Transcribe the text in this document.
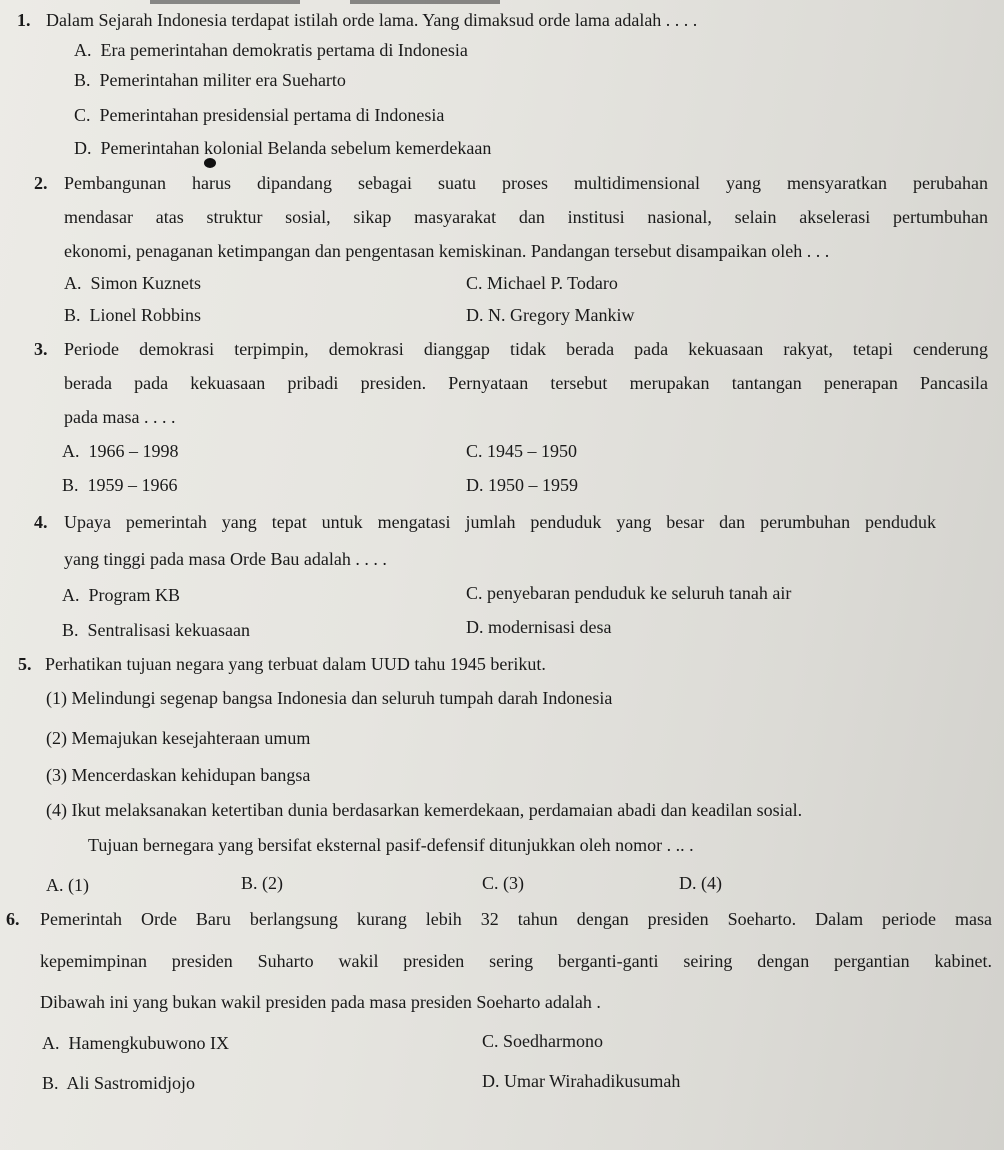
1. Dalam Sejarah Indonesia terdapat istilah orde lama. Yang dimaksud orde lama adalah . . . .
A. Era pemerintahan demokratis pertama di Indonesia
B. Pemerintahan militer era Sueharto
C. Pemerintahan presidensial pertama di Indonesia
D. Pemerintahan kolonial Belanda sebelum kemerdekaan
2. Pembangunan harus dipandang sebagai suatu proses multidimensional yang mensyaratkan perubahan
mendasar atas struktur sosial, sikap masyarakat dan institusi nasional, selain akselerasi pertumbuhan
ekonomi, penaganan ketimpangan dan pengentasan kemiskinan. Pandangan tersebut disampaikan oleh . . .
A. Simon Kuznets	C. Michael P. Todaro
B. Lionel Robbins	D. N. Gregory Mankiw
3. Periode demokrasi terpimpin, demokrasi dianggap tidak berada pada kekuasaan rakyat, tetapi cenderung
berada pada kekuasaan pribadi presiden. Pernyataan tersebut merupakan tantangan penerapan Pancasila
pada masa . . . .
A. 1966 – 1998	C. 1945 – 1950
B. 1959 – 1966	D. 1950 – 1959
4. Upaya pemerintah yang tepat untuk mengatasi jumlah penduduk yang besar dan perumbuhan penduduk
yang tinggi pada masa Orde Bau adalah . . . .
A. Program KB	C. penyebaran penduduk ke seluruh tanah air
B. Sentralisasi kekuasaan	D. modernisasi desa
5. Perhatikan tujuan negara yang terbuat dalam UUD tahu 1945 berikut.
(1) Melindungi segenap bangsa Indonesia dan seluruh tumpah darah Indonesia
(2) Memajukan kesejahteraan umum
(3) Mencerdaskan kehidupan bangsa
(4) Ikut melaksanakan ketertiban dunia berdasarkan kemerdekaan, perdamaian abadi dan keadilan sosial.
Tujuan bernegara yang bersifat eksternal pasif-defensif ditunjukkan oleh nomor . .. .
A. (1)	B. (2)	C. (3)	D. (4)
6. Pemerintah Orde Baru berlangsung kurang lebih 32 tahun dengan presiden Soeharto. Dalam periode masa
kepemimpinan presiden Suharto wakil presiden sering berganti-ganti seiring dengan pergantian kabinet.
Dibawah ini yang bukan wakil presiden pada masa presiden Soeharto adalah .
A. Hamengkubuwono IX	C. Soedharmono
B. Ali Sastromidjojo	D. Umar Wirahadikusumah
